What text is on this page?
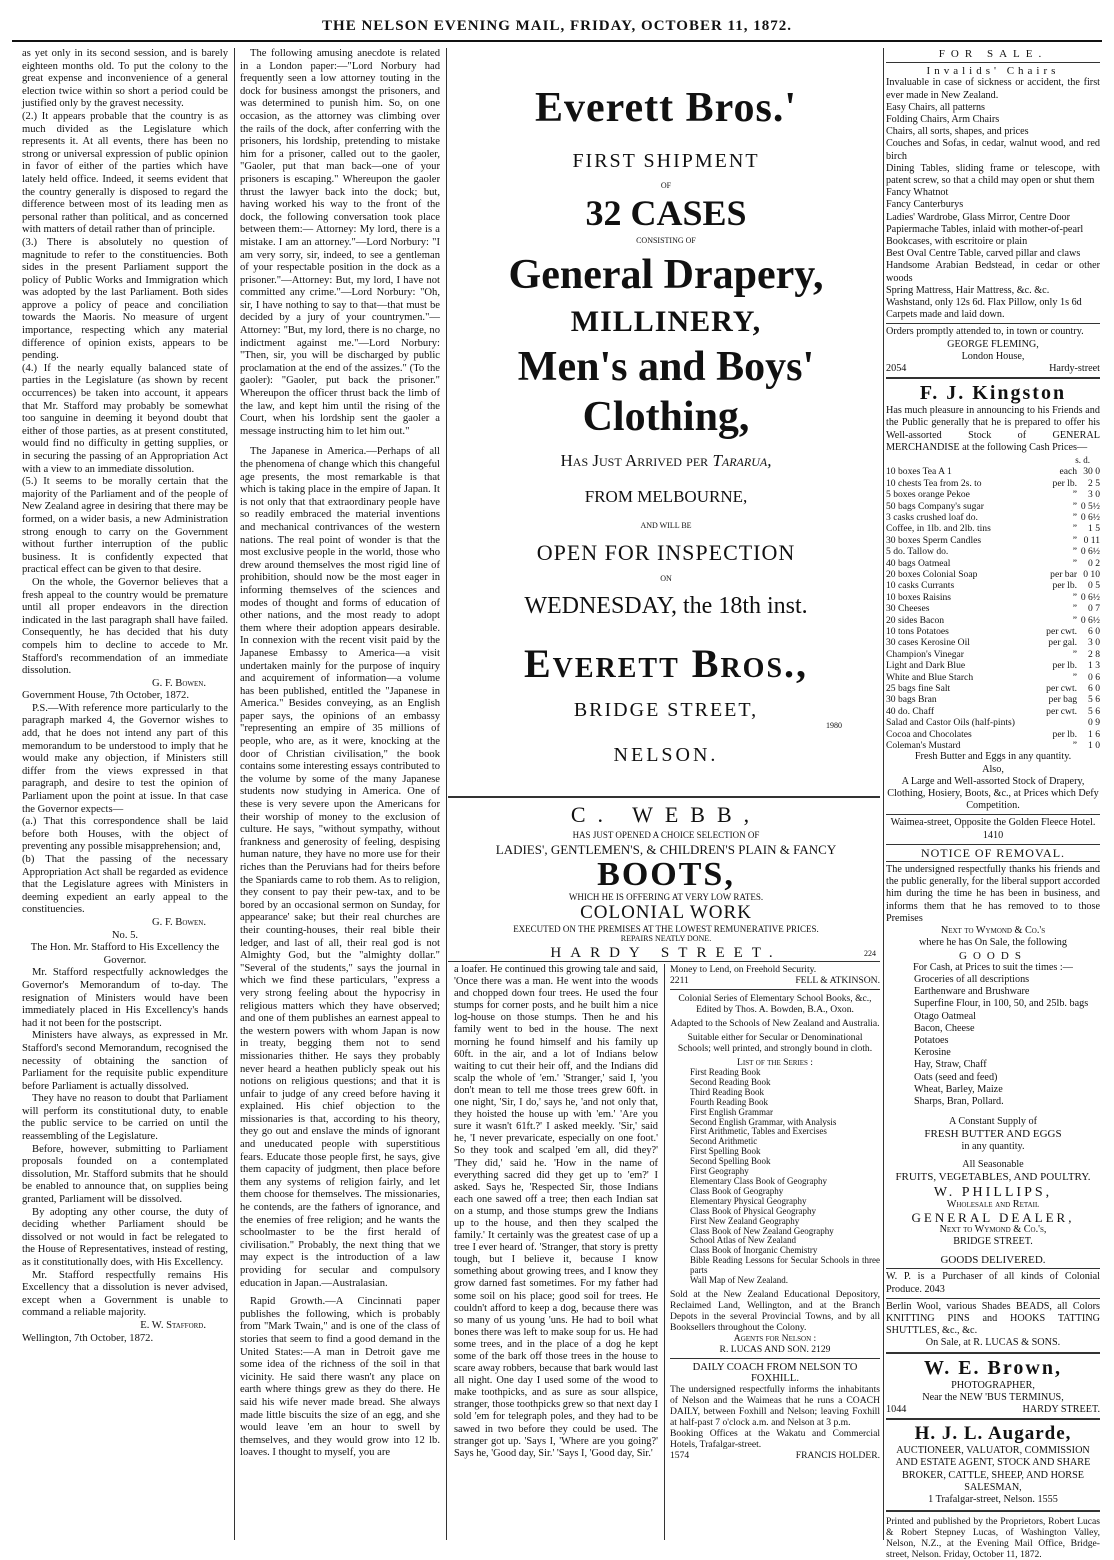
THE NELSON EVENING MAIL, FRIDAY, OCTOBER 11, 1872.

as yet only in its second session, and is barely eighteen months old. To put the colony to the great expense and inconvenience of a general election twice within so short a period could be justified only by the gravest necessity.

(2.) It appears probable that the country is as much divided as the Legislature which represents it. At all events, there has been no strong or universal expression of public opinion in favor of either of the parties which have lately held office. Indeed, it seems evident that the country generally is disposed to regard the difference between most of its leading men as personal rather than political, and as concerned with matters of detail rather than of principle.

(3.) There is absolutely no question of magnitude to refer to the constituencies. Both sides in the present Parliament support the policy of Public Works and Immigration which was adopted by the last Parliament. Both sides approve a policy of peace and conciliation towards the Maoris. No measure of urgent importance, respecting which any material difference of opinion exists, appears to be pending.

(4.) If the nearly equally balanced state of parties in the Legislature (as shown by recent occurrences) be taken into account, it appears that Mr. Stafford may probably be somewhat too sanguine in deeming it beyond doubt that either of those parties, as at present constituted, would find no difficulty in getting supplies, or in securing the passing of an Appropriation Act with a view to an immediate dissolution.

(5.) It seems to be morally certain that the majority of the Parliament and of the people of New Zealand agree in desiring that there may be formed, on a wider basis, a new Administration strong enough to carry on the Government without further interruption of the public business. It is confidently expected that practical effect can be given to that desire.

On the whole, the Governor believes that a fresh appeal to the country would be premature until all proper endeavors in the direction indicated in the last paragraph shall have failed. Consequently, he has decided that his duty compels him to decline to accede to Mr. Stafford's recommendation of an immediate dissolution.

G. F. Bowen.

Government House, 7th October, 1872.

P.S.—With reference more particularly to the paragraph marked 4, the Governor wishes to add, that he does not intend any part of this memorandum to be understood to imply that he would make any objection, if Ministers still differ from the views expressed in that paragraph, and desire to test the opinion of Parliament upon the point at issue. In that case the Governor expects—

(a.) That this correspondence shall be laid before both Houses, with the object of preventing any possible misapprehension; and,

(b) That the passing of the necessary Appropriation Act shall be regarded as evidence that the Legislature agrees with Ministers in deeming expedient an early appeal to the constituencies.

G. F. Bowen.

No. 5.

The Hon. Mr. Stafford to His Excellency the Governor.

Mr. Stafford respectfully acknowledges the Governor's Memorandum of to-day. The resignation of Ministers would have been immediately placed in His Excellency's hands had it not been for the postscript.

Ministers have always, as expressed in Mr. Stafford's second Memorandum, recognised the necessity of obtaining the sanction of Parliament for the requisite public expenditure before Parliament is actually dissolved.

They have no reason to doubt that Parliament will perform its constitutional duty, to enable the public service to be carried on until the reassembling of the Legislature.

Before, however, submitting to Parliament proposals founded on a contemplated dissolution, Mr. Stafford submits that he should be enabled to announce that, on supplies being granted, Parliament will be dissolved.

By adopting any other course, the duty of deciding whether Parliament should be dissolved or not would in fact be relegated to the House of Representatives, instead of resting, as it constitutionally does, with His Excellency.

Mr. Stafford respectfully remains His Excellency that a dissolution is never advised, except when a Government is unable to command a reliable majority.

E. W. Stafford.

Wellington, 7th October, 1872.

The following amusing anecdote is related in a London paper:—"Lord Norbury had frequently seen a low attorney touting in the dock for business amongst the prisoners, and was determined to punish him. So, on one occasion, as the attorney was climbing over the rails of the dock, after conferring with the prisoners, his lordship, pretending to mistake him for a prisoner, called out to the gaoler, "Gaoler, put that man back—one of your prisoners is escaping." Whereupon the gaoler thrust the lawyer back into the dock; but, having worked his way to the front of the dock, the following conversation took place between them:— Attorney: My lord, there is a mistake. I am an attorney."—Lord Norbury: "I am very sorry, sir, indeed, to see a gentleman of your respectable position in the dock as a prisoner."—Attorney: But, my lord, I have not committed any crime."—Lord Norbury: "Oh, sir, I have nothing to say to that—that must be decided by a jury of your countrymen."—Attorney: "But, my lord, there is no charge, no indictment against me."—Lord Norbury: "Then, sir, you will be discharged by public proclamation at the end of the assizes." (To the gaoler): "Gaoler, put back the prisoner." Whereupon the officer thrust back the limb of the law, and kept him until the rising of the Court, when his lordship sent the gaoler a message instructing him to let him out."

The Japanese in America.—Perhaps of all the phenomena of change which this changeful age presents, the most remarkable is that which is taking place in the empire of Japan. It is not only that that extraordinary people have so readily embraced the material inventions and mechanical contrivances of the western nations. The real point of wonder is that the most exclusive people in the world, those who drew around themselves the most rigid line of prohibition, should now be the most eager in informing themselves of the sciences and modes of thought and forms of education of other nations, and the most ready to adopt them where their adoption appears desirable. In connexion with the recent visit paid by the Japanese Embassy to America—a visit undertaken mainly for the purpose of inquiry and acquirement of information—a volume has been published, entitled the "Japanese in America." Besides conveying, as an English paper says, the opinions of an embassy "representing an empire of 35 millions of people, who are, as it were, knocking at the door of Christian civilisation," the book contains some interesting essays contributed to the volume by some of the many Japanese students now studying in America. One of these is very severe upon the Americans for their worship of money to the exclusion of culture. He says, "without sympathy, without frankness and generosity of feeling, despising human nature, they have no more use for their riches than the Peruvians had for theirs before the Spaniards came to rob them. As to religion, they consent to pay their pew-tax, and to be bored by an occasional sermon on Sunday, for appearance' sake; but their real churches are their counting-houses, their real bible their ledger, and last of all, their real god is not Almighty God, but the "almighty dollar." "Several of the students," says the journal in which we find these particulars, "express a very strong feeling about the hypocrisy in religious matters which they have observed; and one of them publishes an earnest appeal to the western powers with whom Japan is now in treaty, begging them not to send missionaries thither. He says they probably never heard a heathen publicly speak out his notions on religious questions; and that it is unfair to judge of any creed before having it explained. His chief objection to the missionaries is that, according to his theory, they go out and enslave the minds of ignorant and uneducated people with superstitious fears. Educate those people first, he says, give them capacity of judgment, then place before them any systems of religion fairly, and let them choose for themselves. The missionaries, he contends, are the fathers of ignorance, and the enemies of free religion; and he wants the schoolmaster to be the first herald of civilisation." Probably, the next thing that we may expect is the introduction of a law providing for secular and compulsory education in Japan.—Australasian.

Rapid Growth.—A Cincinnati paper publishes the following, which is probably from "Mark Twain," and is one of the class of stories that seem to find a good demand in the United States:—A man in Detroit gave me some idea of the richness of the soil in that vicinity. He said there wasn't any place on earth where things grew as they do there. He said his wife never made bread. She always made little biscuits the size of an egg, and she would leave 'em an hour to swell by themselves, and they would grow into 12 lb. loaves. I thought to myself, you are

Everett Bros.'
FIRST SHIPMENT
OF
32 CASES
CONSISTING OF
General Drapery,
MILLINERY,
Men's and Boys'
Clothing,
Has Just Arrived per Tararua,
FROM MELBOURNE,
AND WILL BE
OPEN FOR INSPECTION
ON
WEDNESDAY, the 18th inst.
Everett Bros.,
BRIDGE STREET,
NELSON.
1980
C. WEBB,
HAS JUST OPENED A CHOICE SELECTION OF
LADIES', GENTLEMEN'S, & CHILDREN'S PLAIN & FANCY
BOOTS,
WHICH HE IS OFFERING AT VERY LOW RATES.
COLONIAL WORK
EXECUTED ON THE PREMISES AT THE LOWEST REMUNERATIVE PRICES.
REPAIRS NEATLY DONE.
HARDY STREET.	224

a loafer. He continued this growing tale and said, 'Once there was a man. He went into the woods and chopped down four trees. He used the four stumps for corner posts, and he built him a nice log-house on those stumps. Then he and his family went to bed in the house. The next morning he found himself and his family up 60ft. in the air, and a lot of Indians below waiting to cut their heir off, and the Indians did scalp the whole of 'em.' 'Stranger,' said I, 'you don't mean to tell me those trees grew 60ft. in one night, 'Sir, I do,' says he, 'and not only that, they hoisted the house up with 'em.' 'Are you sure it wasn't 61ft.?' I asked meekly. 'Sir,' said he, 'I never prevaricate, especially on one foot.' So they took and scalped 'em all, did they?' 'They did,' said he. 'How in the name of everything sacred did they get up to 'em?' I asked. Says he, 'Respected Sir, those Indians each one sawed off a tree; then each Indian sat on a stump, and those stumps grew the Indians up to the house, and then they scalped the family.' It certainly was the greatest case of up a tree I ever heard of. 'Stranger, that story is pretty tough, but I believe it, because I know something about growing trees, and I know they grow darned fast sometimes. For my father had some soil on his place; good soil for trees. He couldn't afford to keep a dog, because there was so many of us young 'uns. He had to boil what bones there was left to make soup for us. He had some trees, and in the place of a dog he kept some of the bark off those trees in the house to scare away robbers, because that bark would last all night. One day I used some of the wood to make toothpicks, and as sure as sour allspice, stranger, those toothpicks grew so that next day I sold 'em for telegraph poles, and they had to be sawed in two before they could be used. The stranger got up. 'Says I, 'Where are you going?' Says he, 'Good day, Sir.' 'Says I, 'Good day, Sir.'

Money to Lend, on Freehold Security.

2211	FELL & ATKINSON.

Colonial Series of Elementary School Books, &c.,

Edited by Thos. A. Bowden, B.A., Oxon.

Adapted to the Schools of New Zealand and Australia.

Suitable either for Secular or Denominational Schools; well printed, and strongly bound in cloth.

List of the Series :

First Reading Book
Second Reading Book
Third Reading Book
Fourth Reading Book
First English Grammar
Second English Grammar, with Analysis
First Arithmetic, Tables and Exercises
Second Arithmetic
First Spelling Book
Second Spelling Book
First Geography
Elementary Class Book of Geography
Class Book of Geography
Elementary Physical Geography
Class Book of Physical Geography
First New Zealand Geography
Class Book of New Zealand Geography
School Atlas of New Zealand
Class Book of Inorganic Chemistry
Bible Reading Lessons for Secular Schools in three parts
Wall Map of New Zealand.

Sold at the New Zealand Educational Depository, Reclaimed Land, Wellington, and at the Branch Depots in the several Provincial Towns, and by all Booksellers throughout the Colony.

Agents for Nelson :

R. LUCAS AND SON. 2129

DAILY COACH FROM NELSON TO FOXHILL.

The undersigned respectfully informs the inhabitants of Nelson and the Waimeas that he runs a COACH DAILY, between Foxhill and Nelson; leaving Foxhill at half-past 7 o'clock a.m. and Nelson at 3 p.m.

Booking Offices at the Wakatu and Commercial Hotels, Trafalgar-street.

1574	FRANCIS HOLDER.

FOR SALE.

Invalids' Chairs

Invaluable in case of sickness or accident, the first ever made in New Zealand.

Easy Chairs, all patterns
Folding Chairs, Arm Chairs
Chairs, all sorts, shapes, and prices
Couches and Sofas, in cedar, walnut wood, and red birch
Dining Tables, sliding frame or telescope, with patent screw, so that a child may open or shut them
Fancy Whatnot
Fancy Canterburys
Ladies' Wardrobe, Glass Mirror, Centre Door
Papiermache Tables, inlaid with mother-of-pearl
Bookcases, with escritoire or plain
Best Oval Centre Table, carved pillar and claws
Handsome Arabian Bedstead, in cedar or other woods
Spring Mattress, Hair Mattress, &c. &c.
Washstand, only 12s 6d. Flax Pillow, only 1s 6d
Carpets made and laid down.

Orders promptly attended to, in town or country.

GEORGE FLEMING,

London House,

2054	Hardy-street

F. J. Kingston

Has much pleasure in announcing to his Friends and the Public generally that he is prepared to offer his Well-assorted Stock of GENERAL MERCHANDISE at the following Cash Prices—

s. d.

10 boxes Tea A 1	each	30 0
10 chests Tea from 2s. to	per lb.	2 5
5 boxes orange Pekoe	”	3 0
50 bags Company's sugar	”	0 5½
3 casks crushed loaf do.	”	0 6½
Coffee, in 1lb. and 2lb. tins	”	1 5
30 boxes Sperm Candles	”	0 11
5 do. Tallow do.	”	0 6½
40 bags Oatmeal	”	0 2
20 boxes Colonial Soap	per bar	0 10
10 casks Currants	per lb.	0 5
10 boxes Raisins	”	0 6½
30 Cheeses	”	0 7
20 sides Bacon	”	0 6½
10 tons Potatoes	per cwt.	6 0
30 cases Kerosine Oil	per gal.	3 0
Champion's Vinegar	”	2 8
Light and Dark Blue	per lb.	1 3
White and Blue Starch	”	0 6
25 bags fine Salt	per cwt.	6 0
30 bags Bran	per bag	5 6
40 do. Chaff	per cwt.	5 6
Salad and Castor Oils (half-pints)		0 9
Cocoa and Chocolates	per lb.	1 6
Coleman's Mustard	”	1 0

Fresh Butter and Eggs in any quantity.

Also,

A Large and Well-assorted Stock of Drapery, Clothing, Hosiery, Boots, &c., at Prices which Defy Competition.

Waimea-street, Opposite the Golden Fleece Hotel. 1410

NOTICE OF REMOVAL.

The undersigned respectfully thanks his friends and the public generally, for the liberal support accorded him during the time he has been in business, and informs them that he has removed to to those Premises

Next to Wymond & Co.'s

where he has On Sale, the following

GOODS

For Cash, at Prices to suit the times :—

Groceries of all descriptions
Earthenware and Brushware
Superfine Flour, in 100, 50, and 25lb. bags
Otago Oatmeal
Bacon, Cheese
Potatoes
Kerosine
Hay, Straw, Chaff
Oats (seed and feed)
Wheat, Barley, Maize
Sharps, Bran, Pollard.

A Constant Supply of

FRESH BUTTER AND EGGS

in any quantity.

All Seasonable

FRUITS, VEGETABLES, AND POULTRY.

W. PHILLIPS,

Wholesale and Retail

GENERAL DEALER,

Next to Wymond & Co.'s,

BRIDGE STREET.

GOODS DELIVERED.

W. P. is a Purchaser of all kinds of Colonial Produce. 2043

Berlin Wool, various Shades BEADS, all Colors KNITTING PINS and HOOKS TATTING SHUTTLES, &c., &c.

On Sale, at R. LUCAS & SONS.

W. E. Brown,

PHOTOGRAPHER,

Near the NEW 'BUS TERMINUS,

1044	HARDY STREET.

H. J. L. Augarde,

AUCTIONEER, VALUATOR, COMMISSION AND ESTATE AGENT, STOCK AND SHARE BROKER, CATTLE, SHEEP, AND HORSE SALESMAN,

1 Trafalgar-street, Nelson. 1555

Printed and published by the Proprietors, Robert Lucas & Robert Stepney Lucas, of Washington Valley, Nelson, N.Z., at the Evening Mail Office, Bridge-street, Nelson. Friday, October 11, 1872.
